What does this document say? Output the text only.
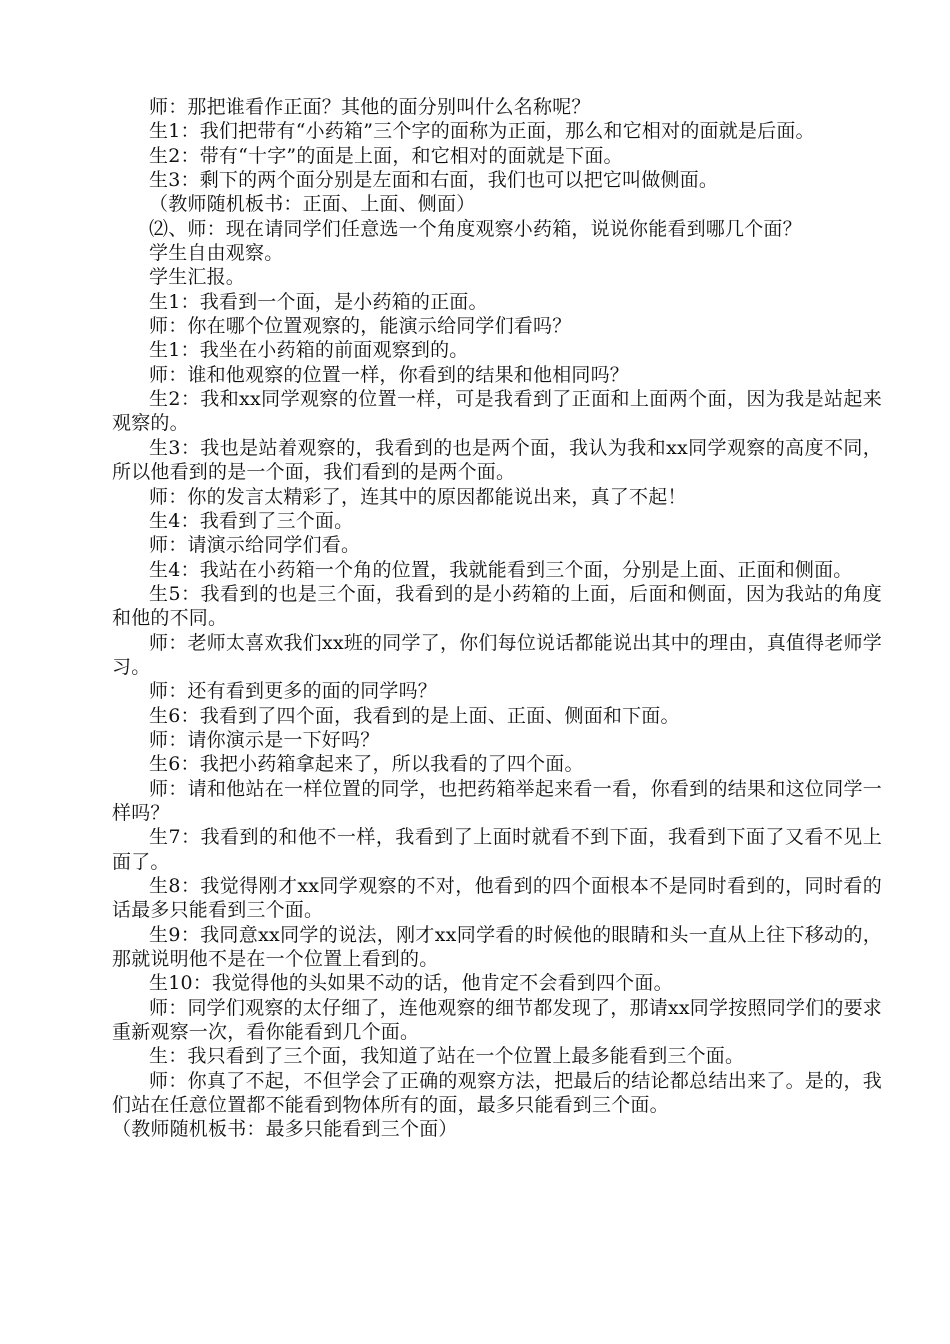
师：那把谁看作正面？其他的面分别叫什么名称呢？

生1：我们把带有“小药箱”三个字的面称为正面，那么和它相对的面就是后面。

生2：带有“十字”的面是上面，和它相对的面就是下面。

生3：剩下的两个面分别是左面和右面，我们也可以把它叫做侧面。

（教师随机板书：正面、上面、侧面）

⑵、师：现在请同学们任意选一个角度观察小药箱，说说你能看到哪几个面？

学生自由观察。

学生汇报。

生1：我看到一个面，是小药箱的正面。

师：你在哪个位置观察的，能演示给同学们看吗？

生1：我坐在小药箱的前面观察到的。

师：谁和他观察的位置一样，你看到的结果和他相同吗？

生2：我和xx同学观察的位置一样，可是我看到了正面和上面两个面，因为我是站起来观察的。

生3：我也是站着观察的，我看到的也是两个面，我认为我和xx同学观察的高度不同，所以他看到的是一个面，我们看到的是两个面。

师：你的发言太精彩了，连其中的原因都能说出来，真了不起！

生4：我看到了三个面。

师：请演示给同学们看。

生4：我站在小药箱一个角的位置，我就能看到三个面，分别是上面、正面和侧面。

生5：我看到的也是三个面，我看到的是小药箱的上面，后面和侧面，因为我站的角度和他的不同。

师：老师太喜欢我们xx班的同学了，你们每位说话都能说出其中的理由，真值得老师学习。

师：还有看到更多的面的同学吗？

生6：我看到了四个面，我看到的是上面、正面、侧面和下面。

师：请你演示是一下好吗？

生6：我把小药箱拿起来了，所以我看的了四个面。

师：请和他站在一样位置的同学，也把药箱举起来看一看，你看到的结果和这位同学一样吗？

生7：我看到的和他不一样，我看到了上面时就看不到下面，我看到下面了又看不见上面了。

生8：我觉得刚才xx同学观察的不对，他看到的四个面根本不是同时看到的，同时看的话最多只能看到三个面。

生9：我同意xx同学的说法，刚才xx同学看的时候他的眼睛和头一直从上往下移动的，那就说明他不是在一个位置上看到的。

生10：我觉得他的头如果不动的话，他肯定不会看到四个面。

师：同学们观察的太仔细了，连他观察的细节都发现了，那请xx同学按照同学们的要求重新观察一次，看你能看到几个面。

生：我只看到了三个面，我知道了站在一个位置上最多能看到三个面。

师：你真了不起，不但学会了正确的观察方法，把最后的结论都总结出来了。是的，我们站在任意位置都不能看到物体所有的面，最多只能看到三个面。

（教师随机板书：最多只能看到三个面）
